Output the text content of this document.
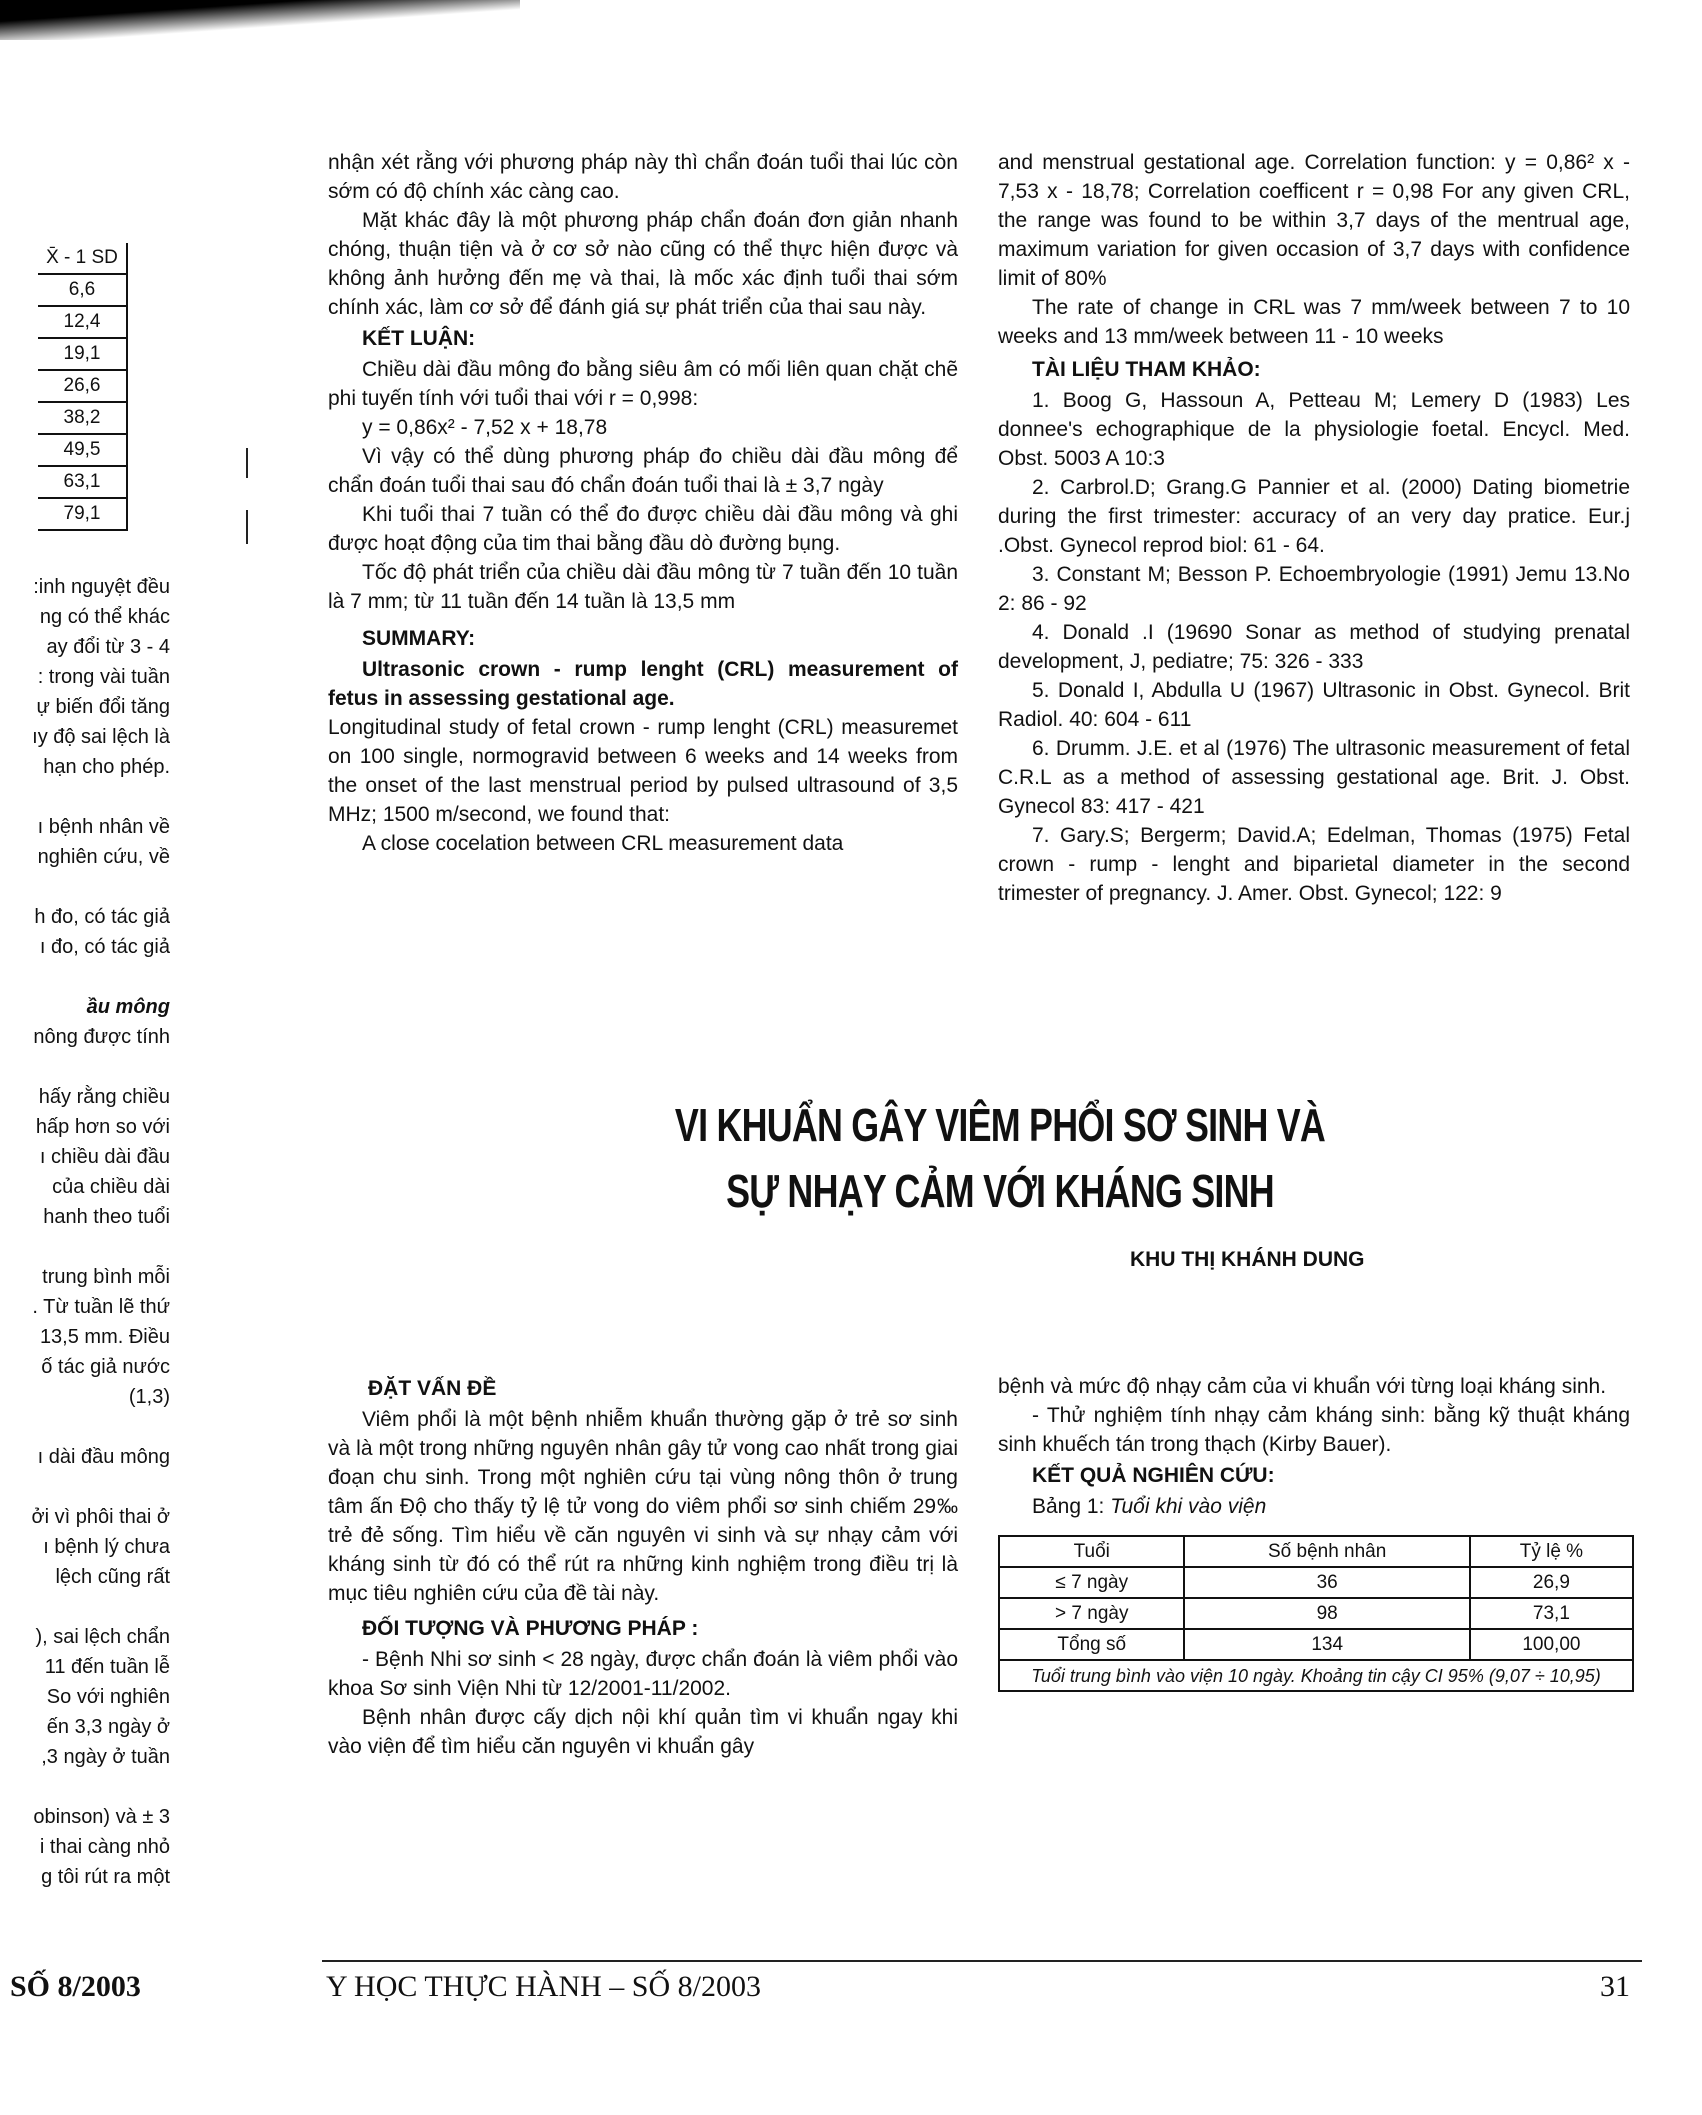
X̄ - 1 SD
6,6
12,4
19,1
26,6
38,2
49,5
63,1
79,1
:inh nguyệt đều
ng có thể khác
ay đổi từ 3 - 4
: trong vài tuần
ự biến đổi tăng
ıy độ sai lệch là
hạn cho phép.
ı bệnh nhân về
nghiên cứu, về
h đo, có tác giả
ı đo, có tác giả
ầu mông
nông được tính
hấy rằng chiều
hấp hơn so với
ı chiều dài đầu
của chiều dài
hanh theo tuổi
trung bình mỗi
. Từ tuần lẽ thứ
13,5 mm. Điều
ố tác giả nước
(1,3)
ı dài đầu mông
ởi vì phôi thai ở
ı bệnh lý chưa
lệch cũng rất
), sai lệch chẩn
11 đến tuần lễ
So với nghiên
ến 3,3 ngày ở
,3 ngày ở tuần
obinson) và ± 3
i thai càng nhỏ
g tôi rút ra một

nhận xét rằng với phương pháp này thì chẩn đoán tuổi thai lúc còn sớm có độ chính xác càng cao.

Mặt khác đây là một phương pháp chẩn đoán đơn giản nhanh chóng, thuận tiện và ở cơ sở nào cũng có thể thực hiện được và không ảnh hưởng đến mẹ và thai, là mốc xác định tuổi thai sớm chính xác, làm cơ sở để đánh giá sự phát triển của thai sau này.

KẾT LUẬN:

Chiều dài đầu mông đo bằng siêu âm có mối liên quan chặt chẽ phi tuyến tính với tuổi thai với r = 0,998:

y = 0,86x² - 7,52 x + 18,78

Vì vậy có thể dùng phương pháp đo chiều dài đầu mông để chẩn đoán tuổi thai sau đó chẩn đoán tuổi thai là ± 3,7 ngày

Khi tuổi thai 7 tuần có thể đo được chiều dài đầu mông và ghi được hoạt động của tim thai bằng đầu dò đường bụng.

Tốc độ phát triển của chiều dài đầu mông từ 7 tuần đến 10 tuần là 7 mm; từ 11 tuần đến 14 tuần là 13,5 mm

SUMMARY:

Ultrasonic crown - rump lenght (CRL) measurement of fetus in assessing gestational age.

Longitudinal study of fetal crown - rump lenght (CRL) measuremet on 100 single, normogravid between 6 weeks and 14 weeks from the onset of the last menstrual period by pulsed ultrasound of 3,5 MHz; 1500 m/second, we found that:

A close cocelation between CRL measurement data

and menstrual gestational age. Correlation function: y = 0,86² x - 7,53 x - 18,78; Correlation coefficent r = 0,98 For any given CRL, the range was found to be within 3,7 days of the mentrual age, maximum variation for given occasion of 3,7 days with confidence limit of 80%

The rate of change in CRL was 7 mm/week between 7 to 10 weeks and 13 mm/week between 11 - 10 weeks

TÀI LIỆU THAM KHẢO:

1. Boog G, Hassoun A, Petteau M; Lemery D (1983) Les donnee's echographique de la physiologie foetal. Encycl. Med. Obst. 5003 A 10:3

2. Carbrol.D; Grang.G Pannier et al. (2000) Dating biometrie during the first trimester: accuracy of an very day pratice. Eur.j .Obst. Gynecol reprod biol: 61 - 64.

3. Constant M; Besson P. Echoembryologie (1991) Jemu 13.No 2: 86 - 92

4. Donald .I (19690 Sonar as method of studying prenatal development, J, pediatre; 75: 326 - 333

5. Donald I, Abdulla U (1967) Ultrasonic in Obst. Gynecol. Brit Radiol. 40: 604 - 611

6. Drumm. J.E. et al (1976) The ultrasonic measurement of fetal C.R.L as a method of assessing gestational age. Brit. J. Obst. Gynecol 83: 417 - 421

7. Gary.S; Bergerm; David.A; Edelman, Thomas (1975) Fetal crown - rump - lenght and biparietal diameter in the second trimester of pregnancy. J. Amer. Obst. Gynecol; 122: 9

VI KHUẨN GÂY VIÊM PHỔI SƠ SINH VÀ
SỰ NHẠY CẢM VỚI KHÁNG SINH
KHU THỊ KHÁNH DUNG
ĐẶT VẤN ĐỀ

Viêm phổi là một bệnh nhiễm khuẩn thường gặp ở trẻ sơ sinh và là một trong những nguyên nhân gây tử vong cao nhất trong giai đoạn chu sinh. Trong một nghiên cứu tại vùng nông thôn ở trung tâm ấn Độ cho thấy tỷ lệ tử vong do viêm phổi sơ sinh chiếm 29‰ trẻ đẻ sống. Tìm hiểu về căn nguyên vi sinh và sự nhạy cảm với kháng sinh từ đó có thể rút ra những kinh nghiệm trong điều trị là mục tiêu nghiên cứu của đề tài này.

ĐỐI TƯỢNG VÀ PHƯƠNG PHÁP :

- Bệnh Nhi sơ sinh < 28 ngày, được chẩn đoán là viêm phổi vào khoa Sơ sinh Viện Nhi từ 12/2001-11/2002.

Bệnh nhân được cấy dịch nội khí quản tìm vi khuẩn ngay khi vào viện để tìm hiểu căn nguyên vi khuẩn gây

bệnh và mức độ nhạy cảm của vi khuẩn với từng loại kháng sinh.

- Thử nghiệm tính nhạy cảm kháng sinh: bằng kỹ thuật kháng sinh khuếch tán trong thạch (Kirby Bauer).

KẾT QUẢ NGHIÊN CỨU:

Bảng 1: Tuổi khi vào viện

Tuổi	Số bệnh nhân	Tỷ lệ %
≤ 7 ngày	36	26,9
> 7 ngày	98	73,1
Tổng số	134	100,00
Tuổi trung bình vào viện 10 ngày. Khoảng tin cậy CI 95% (9,07 ÷ 10,95)		
SỐ 8/2003	Y HỌC THỰC HÀNH – SỐ 8/2003	31
